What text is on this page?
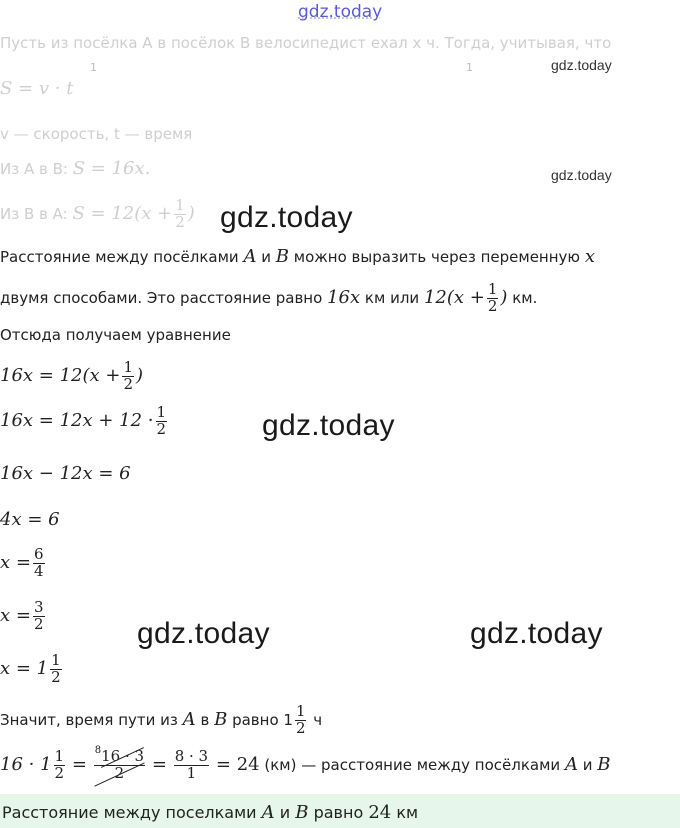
gdz.today
Пусть из посёлка A в посёлок B велосипедист ехал x ч. Тогда, учитывая, что
1	1
S = v · t
v — скорость, t — время
Из A в B: S = 16x.
Из B в A: $S = 12(x + \frac{1}{2}$ )
gdz.today
gdz.today
gdz.today
gdz.today
gdz.today	gdz.today
Расстояние между посёлками A и B можно выразить через переменную x
двумя способами. Это расстояние равно 16x км или $12(x + \frac{1}{2}$ ) км.
Отсюда получаем уравнение
$16x = 12(x + \frac{1}{2}$ )
$16x = 12x + 12 \cdot \frac{1}{2}$
16x − 12x = 6
4x = 6
$x = \frac{6}{4}$
$x = \frac{3}{2}$
$x = 1 \frac{1}{2}$
Значит, время пути из A в B равно $1 \frac{1}{2}$ ч
$16 \cdot 1 \frac{1}{2} = \frac{^816 \cdot 3}{2} = \frac{8 \cdot 3}{1} = 24$ (км) — расстояние между посёлками A и B
Расстояние между поселками A и B равно 24 км
